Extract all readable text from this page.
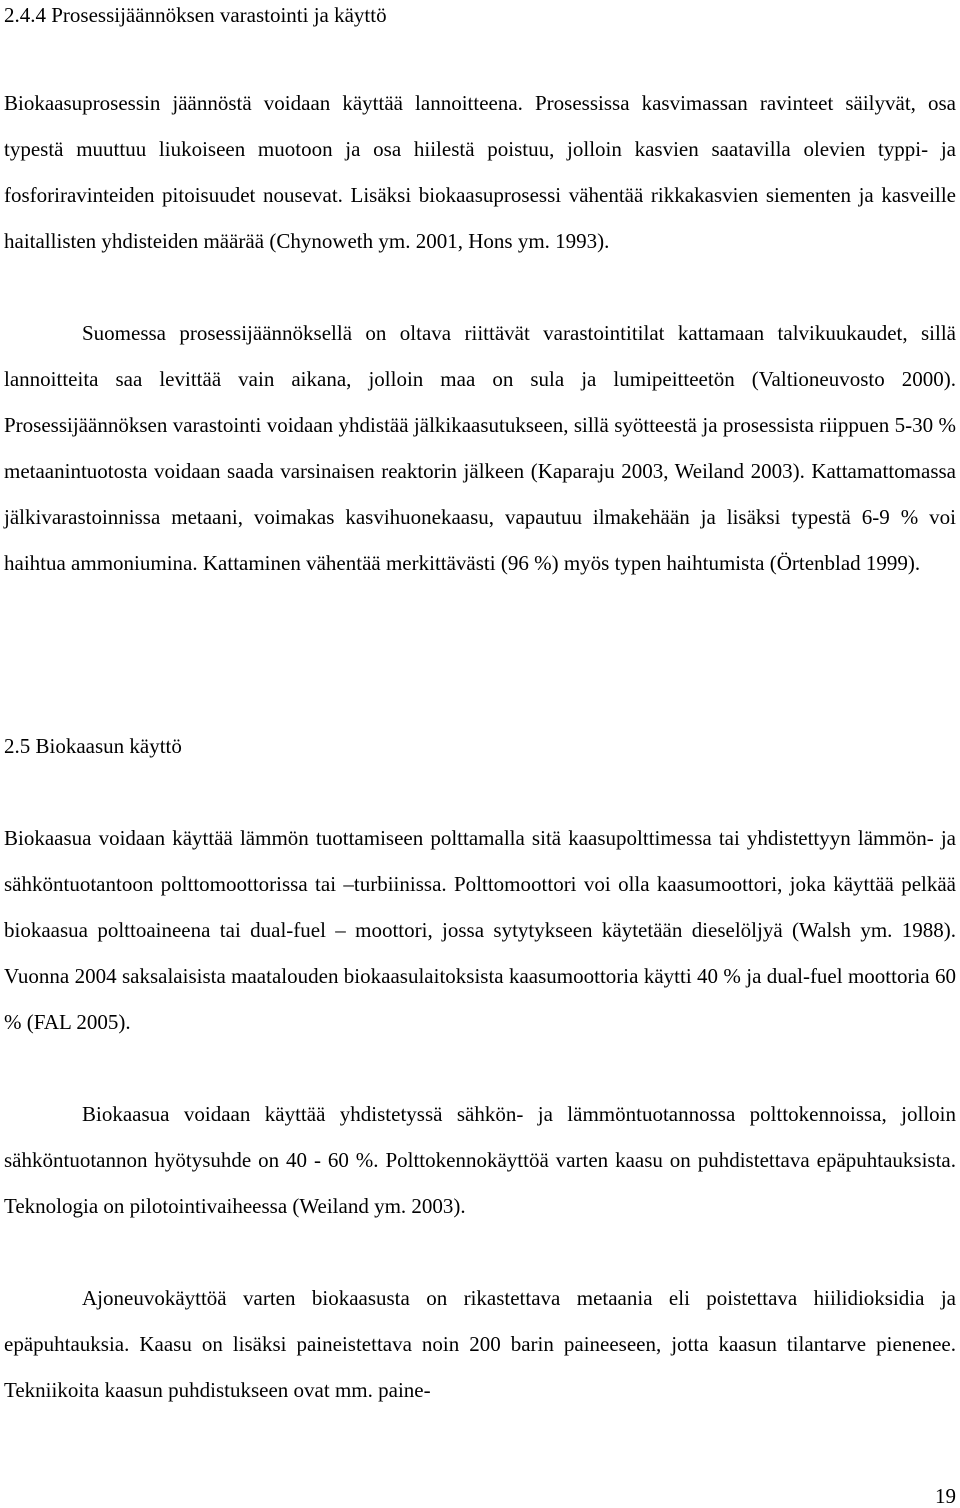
2.4.4 Prosessijäännöksen varastointi ja käyttö

Biokaasuprosessin jäännöstä voidaan käyttää lannoitteena. Prosessissa kasvimassan ravinteet säilyvät, osa typestä muuttuu liukoiseen muotoon ja osa hiilestä poistuu, jolloin kasvien saatavilla olevien typpi- ja fosforiravinteiden pitoisuudet nousevat. Lisäksi biokaasuprosessi vähentää rikkakasvien siementen ja kasveille haitallisten yhdisteiden määrää (Chynoweth ym. 2001, Hons ym. 1993).

Suomessa prosessijäännöksellä on oltava riittävät varastointitilat kattamaan talvikuukaudet, sillä lannoitteita saa levittää vain aikana, jolloin maa on sula ja lumipeitteetön (Valtioneuvosto 2000). Prosessijäännöksen varastointi voidaan yhdistää jälkikaasutukseen, sillä syötteestä ja prosessista riippuen 5-30 % metaanintuotosta voidaan saada varsinaisen reaktorin jälkeen (Kaparaju 2003, Weiland 2003). Kattamattomassa jälkivarastoinnissa metaani, voimakas kasvihuonekaasu, vapautuu ilmakehään ja lisäksi typestä 6-9 % voi haihtua ammoniumina. Kattaminen vähentää merkittävästi (96 %) myös typen haihtumista (Örtenblad 1999).

2.5 Biokaasun käyttö

Biokaasua voidaan käyttää lämmön tuottamiseen polttamalla sitä kaasupolttimessa tai yhdistettyyn lämmön- ja sähköntuotantoon polttomoottorissa tai –turbiinissa. Polttomoottori voi olla kaasumoottori, joka käyttää pelkää biokaasua polttoaineena tai dual-fuel – moottori, jossa sytytykseen käytetään dieselöljyä (Walsh ym. 1988). Vuonna 2004 saksalaisista maatalouden biokaasulaitoksista kaasumoottoria käytti 40 % ja dual-fuel moottoria 60 % (FAL 2005).

Biokaasua voidaan käyttää yhdistetyssä sähkön- ja lämmöntuotannossa polttokennoissa, jolloin sähköntuotannon hyötysuhde on 40 - 60 %. Polttokennokäyttöä varten kaasu on puhdistettava epäpuhtauksista. Teknologia on pilotointivaiheessa (Weiland ym. 2003).

Ajoneuvokäyttöä varten biokaasusta on rikastettava metaania eli poistettava hiilidioksidia ja epäpuhtauksia. Kaasu on lisäksi paineistettava noin 200 barin paineeseen, jotta kaasun tilantarve pienenee. Tekniikoita kaasun puhdistukseen ovat mm. paine-

19
